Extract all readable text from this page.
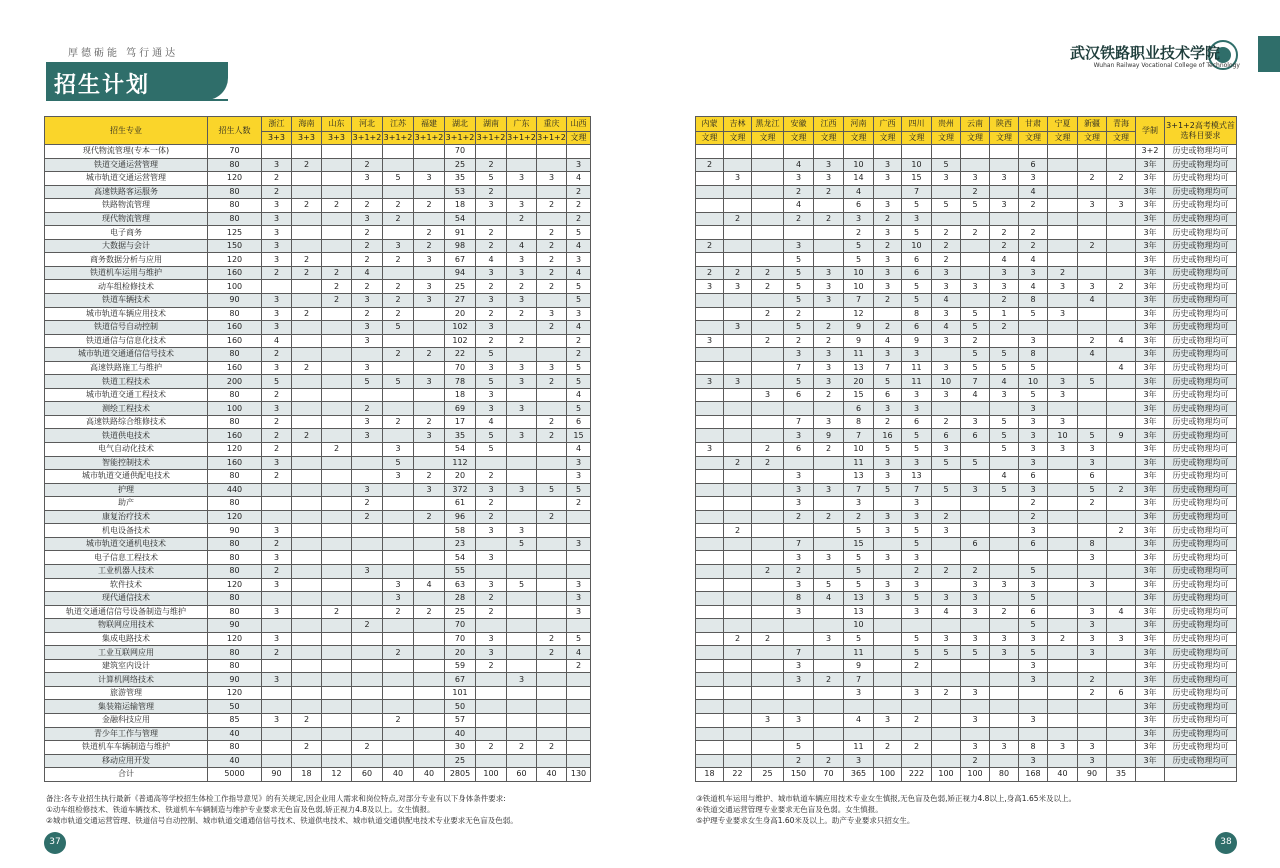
厚德砺能 笃行通达
招生计划
招生专业	招生人数	浙江	海南	山东	河北	江苏	福建	湖北	湖南	广东	重庆	山西
		3+3	3+3	3+3	3+1+2	3+1+2	3+1+2	3+1+2	3+1+2	3+1+2	3+1+2	文理
现代物流管理(专本一体)	70							70				
铁道交通运营管理	80	3	2		2			25	2			3
城市轨道交通运营管理	120	2			3	5	3	35	5	3	3	4
高速铁路客运服务	80	2						53	2			2
铁路物流管理	80	3	2	2	2	2	2	18	3	3	2	2
现代物流管理	80	3			3	2		54		2		2
电子商务	125	3			2		2	91	2		2	5
大数据与会计	150	3			2	3	2	98	2	4	2	4
商务数据分析与应用	120	3	2		2	2	3	67	4	3	2	3
铁道机车运用与维护	160	2	2	2	4			94	3	3	2	4
动车组检修技术	100			2	2	2	3	25	2	2	2	5
铁道车辆技术	90	3		2	3	2	3	27	3	3		5
城市轨道车辆应用技术	80	3	2		2	2		20	2	2	3	3
铁道信号自动控制	160	3			3	5		102	3		2	4
铁道通信与信息化技术	160	4			3			102	2	2		2
城市轨道交通通信信号技术	80	2				2	2	22	5			2
高速铁路施工与维护	160	3	2		3			70	3	3	3	5
铁道工程技术	200	5			5	5	3	78	5	3	2	5
城市轨道交通工程技术	80	2						18	3			4
测绘工程技术	100	3			2			69	3	3		5
高速铁路综合维修技术	80	2			3	2	2	17	4		2	6
铁道供电技术	160	2	2		3		3	35	5	3	2	15
电气自动化技术	120	2		2		3		54	5			4
智能控制技术	160	3				5		112				3
城市轨道交通供配电技术	80	2				3	2	20	2			3
护理	440				3		3	372	3	3	5	5
助产	80				2			61	2			2
康复治疗技术	120				2		2	96	2		2	
机电设备技术	90	3						58	3	3		
城市轨道交通机电技术	80	2						23		5		3
电子信息工程技术	80	3						54	3			
工业机器人技术	80	2			3			55				
软件技术	120	3				3	4	63	3	5		3
现代通信技术	80					3		28	2			3
轨道交通通信信号设备制造与维护	80	3		2		2	2	25	2			3
物联网应用技术	90				2			70				
集成电路技术	120	3						70	3		2	5
工业互联网应用	80	2				2		20	3		2	4
建筑室内设计	80							59	2			2
计算机网络技术	90	3						67		3		
旅游管理	120							101				
集装箱运输管理	50							50				
金融科技应用	85	3	2			2		57				
青少年工作与管理	40							40				
铁道机车车辆制造与维护	80		2		2			30	2	2	2	
移动应用开发	40							25				
合计	5000	90	18	12	60	40	40	2805	100	60	40	130
备注:各专业招生执行最新《普通高等学校招生体检工作指导意见》的有关规定,因企业用人需求和岗位特点,对部分专业有以下身体条件要求:
①动车组检修技术、铁道车辆技术、铁道机车车辆制造与维护专业要求无色盲及色弱,矫正视力4.8及以上。女生慎报。
②城市轨道交通运营管理、铁道信号自动控制、城市轨道交通通信信号技术、铁道供电技术、城市轨道交通供配电技术专业要求无色盲及色弱。
37
武汉铁路职业技术学院
Wuhan Railway Vocational College of Technology
内蒙	吉林	黑龙江	安徽	江西	河南	广西	四川	贵州	云南	陕西	甘肃	宁夏	新疆	青海	学制	3+1+2高考模式首选科目要求
文理	文理	文理	文理	文理	文理	文理	文理	文理	文理	文理	文理	文理	文理	文理		
															3+2	历史或物理均可
2			4	3	10	3	10	5			6				3年	历史或物理均可
	3		3	3	14	3	15	3	3	3	3		2	2	3年	历史或物理均可
			2	2	4		7		2		4				3年	历史或物理均可
			4		6	3	5	5	5	3	2		3	3	3年	历史或物理均可
	2		2	2	3	2	3								3年	历史或物理均可
					2	3	5	2	2	2	2				3年	历史或物理均可
2			3		5	2	10	2		2	2		2		3年	历史或物理均可
			5		5	3	6	2		4	4				3年	历史或物理均可
2	2	2	5	3	10	3	6	3		3	3	2			3年	历史或物理均可
3	3	2	5	3	10	3	5	3	3	3	4	3	3	2	3年	历史或物理均可
			5	3	7	2	5	4		2	8		4		3年	历史或物理均可
		2	2		12		8	3	5	1	5	3			3年	历史或物理均可
	3		5	2	9	2	6	4	5	2					3年	历史或物理均可
3		2	2	2	9	4	9	3	2		3		2	4	3年	历史或物理均可
			3	3	11	3	3		5	5	8		4		3年	历史或物理均可
			7	3	13	7	11	3	5	5	5			4	3年	历史或物理均可
3	3		5	3	20	5	11	10	7	4	10	3	5		3年	历史或物理均可
		3	6	2	15	6	3	3	4	3	5	3			3年	历史或物理均可
					6	3	3				3				3年	历史或物理均可
			7	3	8	2	6	2	3	5	3	3			3年	历史或物理均可
			3	9	7	16	5	6	6	5	3	10	5	9	3年	历史或物理均可
3		2	6	2	10	5	5	3		5	3	3	3		3年	历史或物理均可
	2	2			11	3	3	5	5		3		3		3年	历史或物理均可
			3		13	3	13			4	6		6		3年	历史或物理均可
			3	3	7	5	7	5	3	5	3		5	2	3年	历史或物理均可
			3		3		3				2		2		3年	历史或物理均可
			2	2	2	3	3	2			2				3年	历史或物理均可
	2				5	3	5	3			3			2	3年	历史或物理均可
			7		15		5		6		6		8		3年	历史或物理均可
			3	3	5	3	3						3		3年	历史或物理均可
		2	2		5		2	2	2		5				3年	历史或物理均可
			3	5	5	3	3		3	3	3		3		3年	历史或物理均可
			8	4	13	3	5	3	3		5				3年	历史或物理均可
			3		13		3	4	3	2	6		3	4	3年	历史或物理均可
					10						5		3		3年	历史或物理均可
	2	2		3	5		5	3	3	3	3	2	3	3	3年	历史或物理均可
			7		11		5	5	5	3	5		3		3年	历史或物理均可
			3		9		2				3				3年	历史或物理均可
			3	2	7						3		2		3年	历史或物理均可
					3		3	2	3				2	6	3年	历史或物理均可
															3年	历史或物理均可
		3	3		4	3	2		3		3				3年	历史或物理均可
															3年	历史或物理均可
			5		11	2	2		3	3	8	3	3		3年	历史或物理均可
			2	2	3				2		3		3		3年	历史或物理均可
18	22	25	150	70	365	100	222	100	100	80	168	40	90	35		
③铁道机车运用与维护、城市轨道车辆应用技术专业女生慎报,无色盲及色弱,矫正视力4.8以上,身高1.65米及以上。
④铁道交通运营管理专业要求无色盲及色弱。女生慎报。
⑤护理专业要求女生身高1.60米及以上。助产专业要求只招女生。
38
